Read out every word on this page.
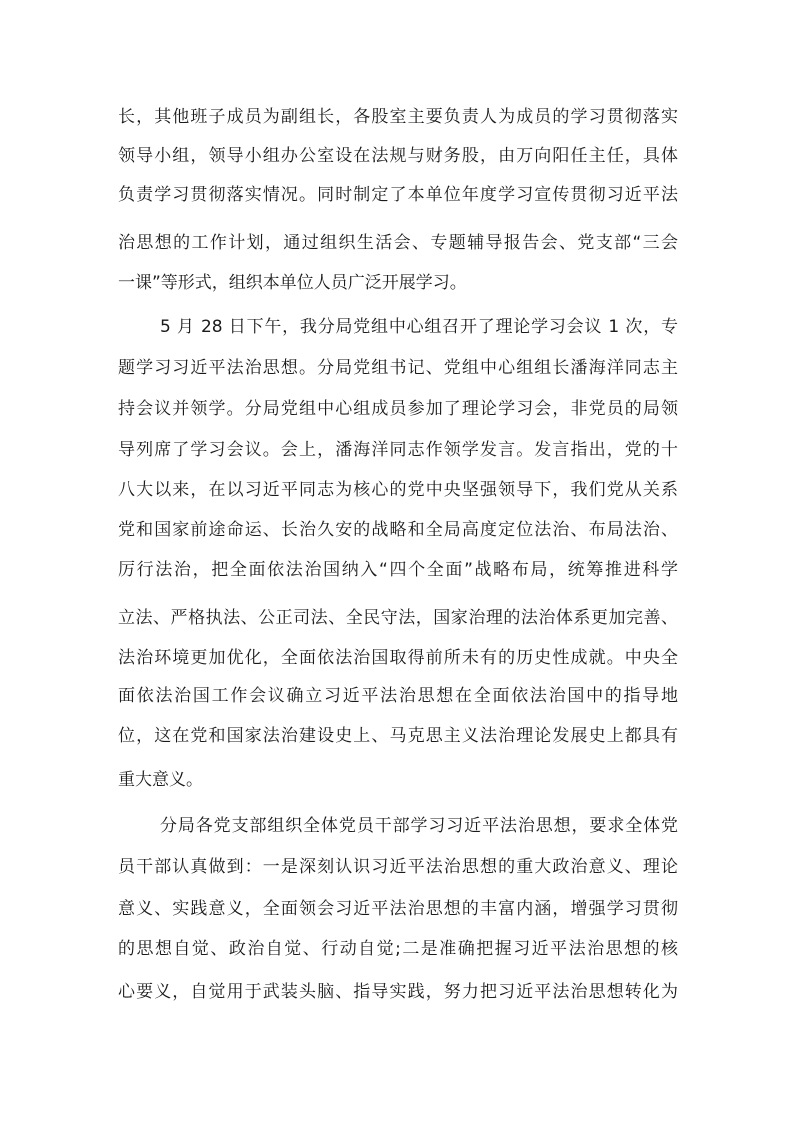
长，其他班子成员为副组长，各股室主要负责人为成员的学习贯彻落实
领导小组，领导小组办公室设在法规与财务股，由万向阳任主任，具体
负责学习贯彻落实情况。同时制定了本单位年度学习宣传贯彻习近平法
治思想的工作计划，通过组织生活会、专题辅导报告会、党支部“三会
一课”等形式，组织本单位人员广泛开展学习。
5 月 28 日下午，我分局党组中心组召开了理论学习会议 1 次，专
题学习习近平法治思想。分局党组书记、党组中心组组长潘海洋同志主
持会议并领学。分局党组中心组成员参加了理论学习会，非党员的局领
导列席了学习会议。会上，潘海洋同志作领学发言。发言指出，党的十
八大以来，在以习近平同志为核心的党中央坚强领导下，我们党从关系
党和国家前途命运、长治久安的战略和全局高度定位法治、布局法治、
厉行法治，把全面依法治国纳入“四个全面”战略布局，统筹推进科学
立法、严格执法、公正司法、全民守法，国家治理的法治体系更加完善、
法治环境更加优化，全面依法治国取得前所未有的历史性成就。中央全
面依法治国工作会议确立习近平法治思想在全面依法治国中的指导地
位，这在党和国家法治建设史上、马克思主义法治理论发展史上都具有
重大意义。
分局各党支部组织全体党员干部学习习近平法治思想，要求全体党
员干部认真做到：一是深刻认识习近平法治思想的重大政治意义、理论
意义、实践意义，全面领会习近平法治思想的丰富内涵，增强学习贯彻
的思想自觉、政治自觉、行动自觉;二是准确把握习近平法治思想的核
心要义，自觉用于武装头脑、指导实践，努力把习近平法治思想转化为
